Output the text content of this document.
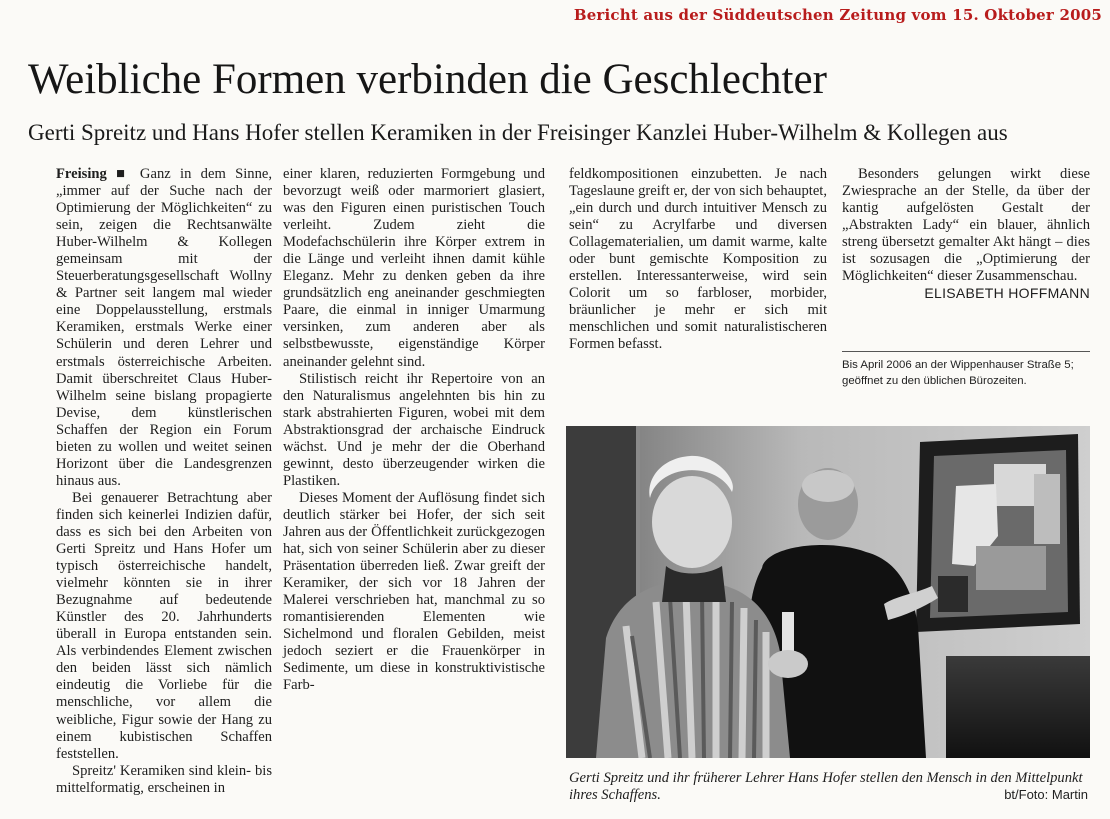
Bericht aus der Süddeutschen Zeitung vom 15. Oktober 2005
Weibliche Formen verbinden die Geschlechter
Gerti Spreitz und Hans Hofer stellen Keramiken in der Freisinger Kanzlei Huber-Wilhelm & Kollegen aus

Freising ■ Ganz in dem Sinne, „immer auf der Suche nach der Optimierung der Möglichkeiten“ zu sein, zeigen die Rechtsanwälte Huber-Wilhelm & Kollegen gemeinsam mit der Steuerberatungsgesellschaft Wollny & Partner seit langem mal wieder eine Doppelausstellung, erstmals Keramiken, erstmals Werke einer Schülerin und deren Lehrer und erstmals österreichische Arbeiten. Damit überschreitet Claus Huber-Wilhelm seine bislang propagierte Devise, dem künstlerischen Schaffen der Region ein Forum bieten zu wollen und weitet seinen Horizont über die Landesgrenzen hinaus aus.

Bei genauerer Betrachtung aber finden sich keinerlei Indizien dafür, dass es sich bei den Arbeiten von Gerti Spreitz und Hans Hofer um typisch österreichische handelt, vielmehr könnten sie in ihrer Bezugnahme auf bedeutende Künstler des 20. Jahrhunderts überall in Europa entstanden sein. Als verbindendes Element zwischen den beiden lässt sich nämlich eindeutig die Vorliebe für die menschliche, vor allem die weibliche, Figur sowie der Hang zu einem kubistischen Schaffen feststellen.

Spreitz' Keramiken sind klein- bis mittelformatig, erscheinen in

einer klaren, reduzierten Formgebung und bevorzugt weiß oder marmoriert glasiert, was den Figuren einen puristischen Touch verleiht. Zudem zieht die Modefachschülerin ihre Körper extrem in die Länge und verleiht ihnen damit kühle Eleganz. Mehr zu denken geben da ihre grundsätzlich eng aneinander geschmiegten Paare, die einmal in inniger Umarmung versinken, zum anderen aber als selbstbewusste, eigenständige Körper aneinander gelehnt sind.

Stilistisch reicht ihr Repertoire von an den Naturalismus angelehnten bis hin zu stark abstrahierten Figuren, wobei mit dem Abstraktionsgrad der archaische Eindruck wächst. Und je mehr der die Oberhand gewinnt, desto überzeugender wirken die Plastiken.

Dieses Moment der Auflösung findet sich deutlich stärker bei Hofer, der sich seit Jahren aus der Öffentlichkeit zurückgezogen hat, sich von seiner Schülerin aber zu dieser Präsentation überreden ließ. Zwar greift der Keramiker, der sich vor 18 Jahren der Malerei verschrieben hat, manchmal zu so romantisierenden Elementen wie Sichelmond und floralen Gebilden, meist jedoch seziert er die Frauenkörper in Sedimente, um diese in konstruktivistische Farb-

feldkompositionen einzubetten. Je nach Tageslaune greift er, der von sich behauptet, „ein durch und durch intuitiver Mensch zu sein“ zu Acrylfarbe und diversen Collagematerialien, um damit warme, kalte oder bunt gemischte Komposition zu erstellen. Interessanterweise, wird sein Colorit um so farbloser, morbider, bräunlicher je mehr er sich mit menschlichen und somit naturalistischeren Formen befasst.

Besonders gelungen wirkt diese Zwiesprache an der Stelle, da über der kantig aufgelösten Gestalt der „Abstrakten Lady“ ein blauer, ähnlich streng übersetzt gemalter Akt hängt – dies ist sozusagen die „Optimierung der Möglichkeiten“ dieser Zusammenschau.

ELISABETH HOFFMANN
Bis April 2006 an der Wippenhauser Straße 5; geöffnet zu den üblichen Bürozeiten.
Gerti Spreitz und ihr früherer Lehrer Hans Hofer stellen den Mensch in den Mittelpunkt ihres Schaffens.	bt/Foto: Martin
